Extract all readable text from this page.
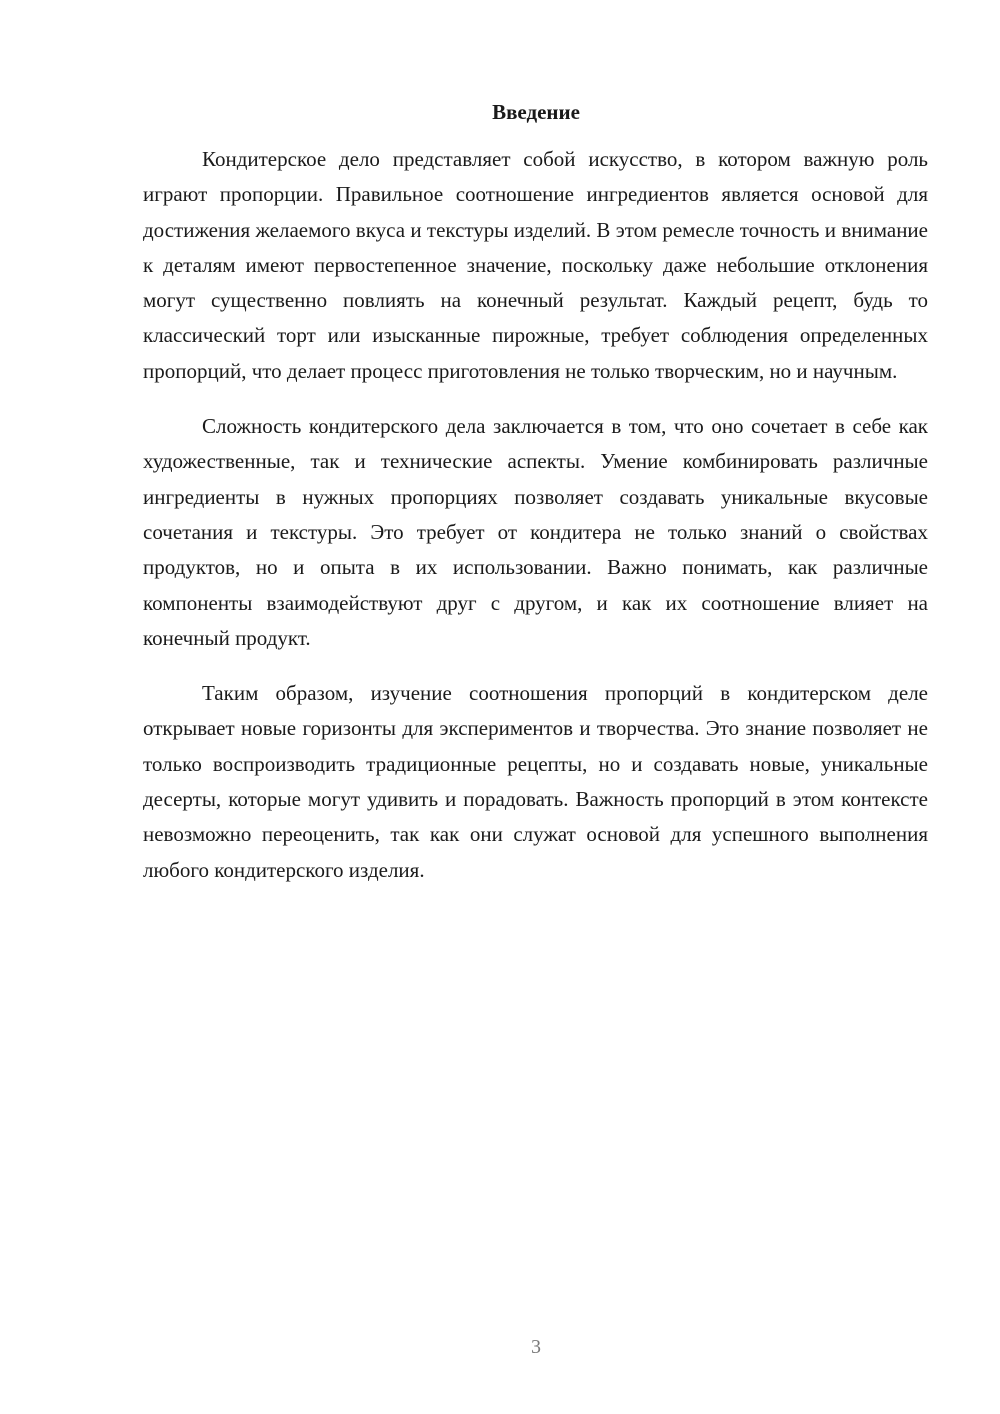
Введение

Кондитерское дело представляет собой искусство, в котором важную роль играют пропорции. Правильное соотношение ингредиентов является основой для достижения желаемого вкуса и текстуры изделий. В этом ремесле точность и внимание к деталям имеют первостепенное значение, поскольку даже небольшие отклонения могут существенно повлиять на конечный результат. Каждый рецепт, будь то классический торт или изысканные пирожные, требует соблюдения определенных пропорций, что делает процесс приготовления не только творческим, но и научным.

Сложность кондитерского дела заключается в том, что оно сочетает в себе как художественные, так и технические аспекты. Умение комбинировать различные ингредиенты в нужных пропорциях позволяет создавать уникальные вкусовые сочетания и текстуры. Это требует от кондитера не только знаний о свойствах продуктов, но и опыта в их использовании. Важно понимать, как различные компоненты взаимодействуют друг с другом, и как их соотношение влияет на конечный продукт.

Таким образом, изучение соотношения пропорций в кондитерском деле открывает новые горизонты для экспериментов и творчества. Это знание позволяет не только воспроизводить традиционные рецепты, но и создавать новые, уникальные десерты, которые могут удивить и порадовать. Важность пропорций в этом контексте невозможно переоценить, так как они служат основой для успешного выполнения любого кондитерского изделия.

3
